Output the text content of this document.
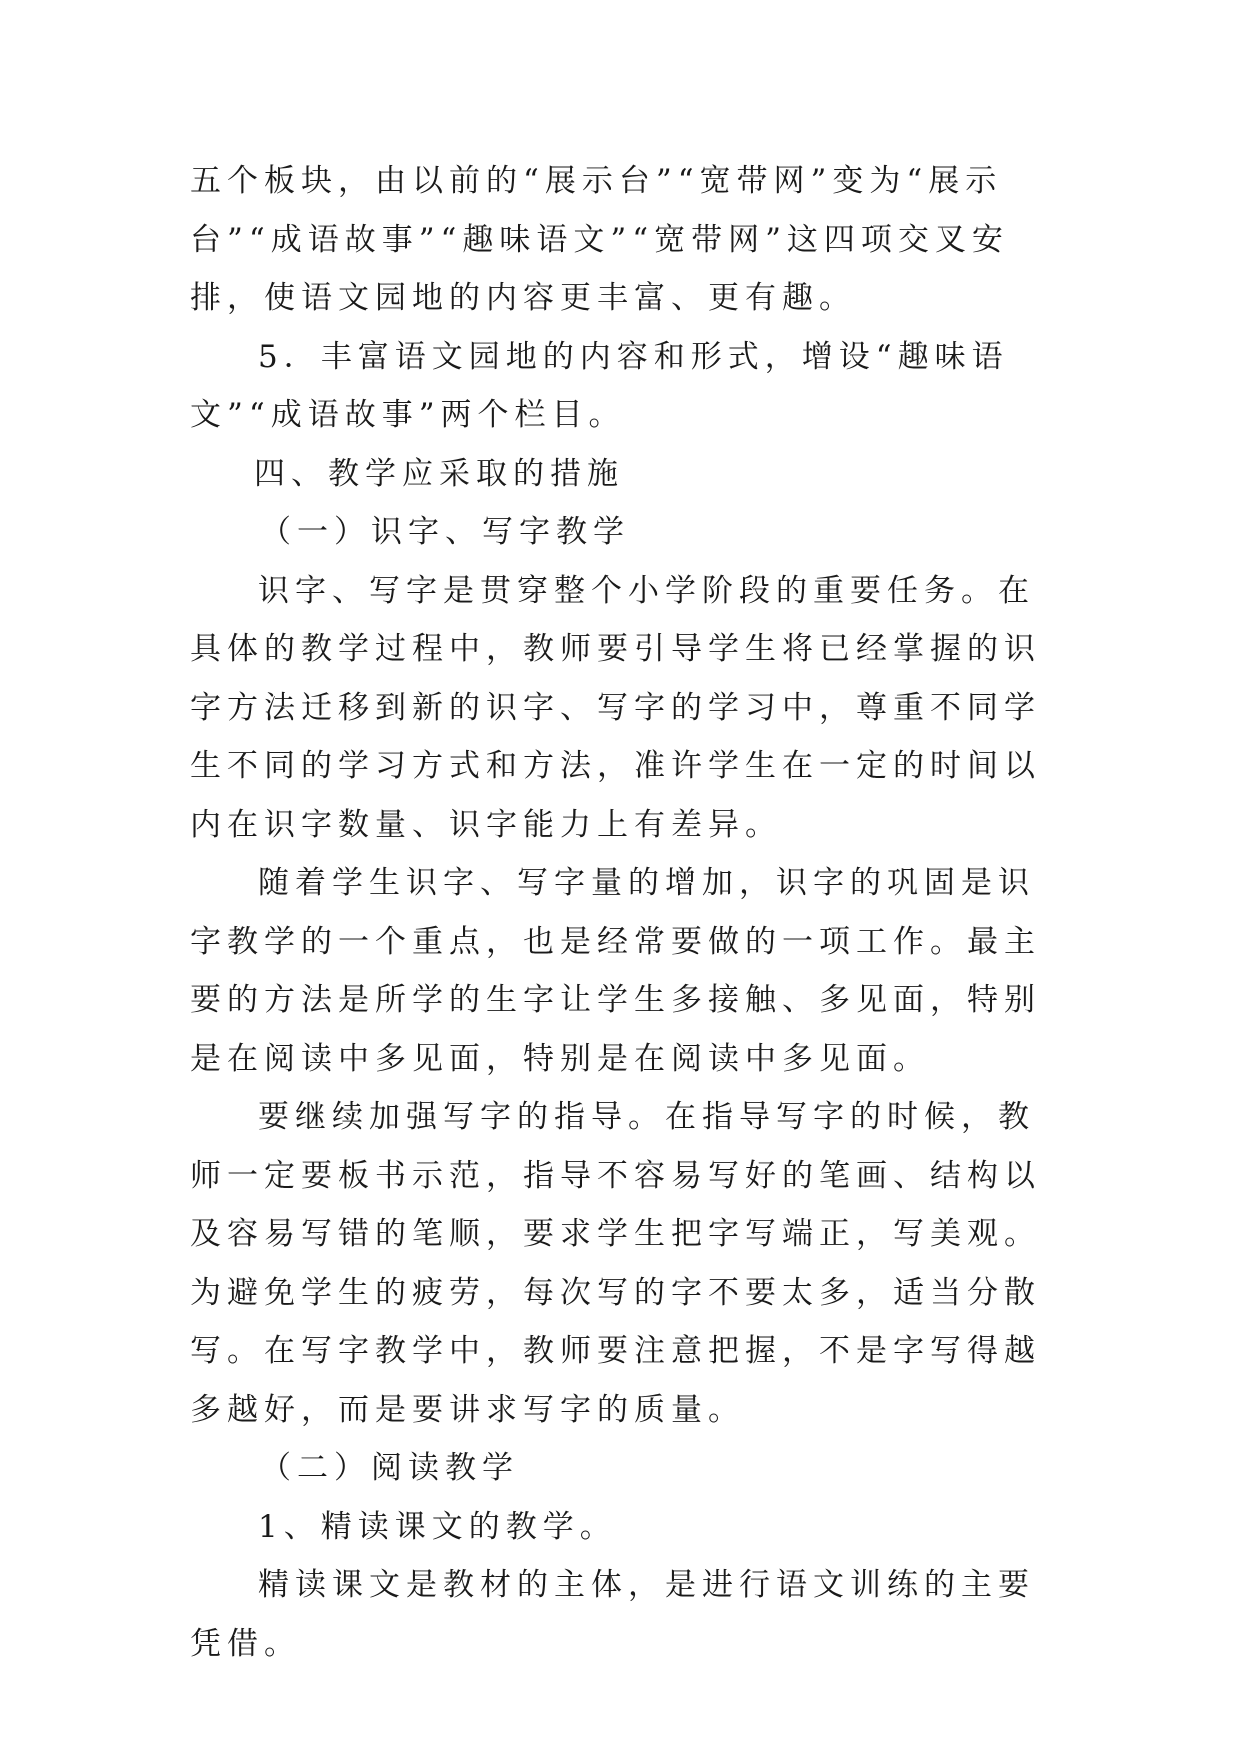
五个板块，由以前的“展示台”“宽带网”变为“展示台”“成语故事”“趣味语文”“宽带网”这四项交叉安排，使语文园地的内容更丰富、更有趣。

5．丰富语文园地的内容和形式，增设“趣味语文”“成语故事”两个栏目。

四、教学应采取的措施

（一）识字、写字教学

识字、写字是贯穿整个小学阶段的重要任务。在具体的教学过程中，教师要引导学生将已经掌握的识字方法迁移到新的识字、写字的学习中，尊重不同学生不同的学习方式和方法，准许学生在一定的时间以内在识字数量、识字能力上有差异。

随着学生识字、写字量的增加，识字的巩固是识字教学的一个重点，也是经常要做的一项工作。最主要的方法是所学的生字让学生多接触、多见面，特别是在阅读中多见面，特别是在阅读中多见面。

要继续加强写字的指导。在指导写字的时候，教师一定要板书示范，指导不容易写好的笔画、结构以及容易写错的笔顺，要求学生把字写端正，写美观。为避免学生的疲劳，每次写的字不要太多，适当分散写。在写字教学中，教师要注意把握，不是字写得越多越好，而是要讲求写字的质量。

（二）阅读教学

1、精读课文的教学。

精读课文是教材的主体，是进行语文训练的主要凭借。
